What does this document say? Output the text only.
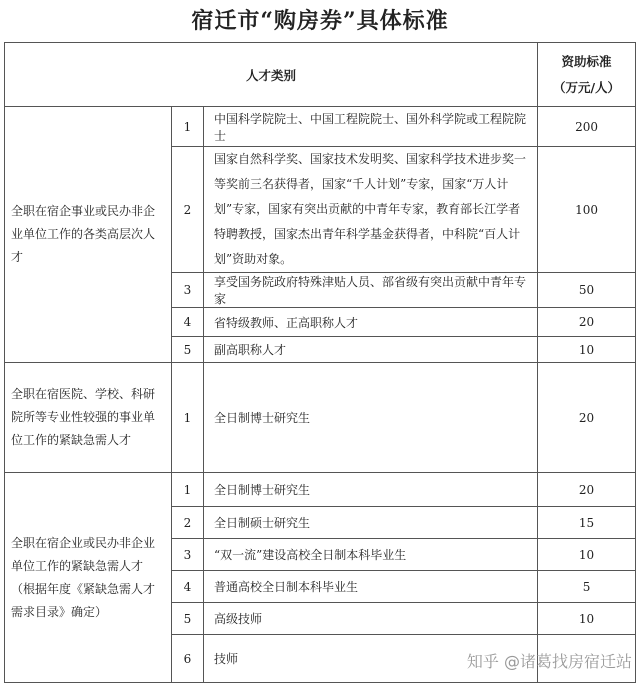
宿迁市“购房券”具体标准
人才类别			资助标准
（万元/人）

全职在宿企事业或民办非企业单位工作的各类高层次人才	1	中国科学院院士、中国工程院院士、国外科学院或工程院院士	200
	2	国家自然科学奖、国家技术发明奖、国家科学技术进步奖一等奖前三名获得者，国家“千人计划”专家，国家“万人计划”专家，国家有突出贡献的中青年专家，教育部长江学者特聘教授，国家杰出青年科学基金获得者，中科院“百人计划”资助对象。	100
	3	享受国务院政府特殊津贴人员、部省级有突出贡献中青年专家	50
	4	省特级教师、正高职称人才	20
	5	副高职称人才	10
全职在宿医院、学校、科研院所等专业性较强的事业单位工作的紧缺急需人才	1	全日制博士研究生	20
全职在宿企业或民办非企业单位工作的紧缺急需人才（根据年度《紧缺急需人才需求目录》确定）	1	全日制博士研究生	20
	2	全日制硕士研究生	15
	3	“双一流”建设高校全日制本科毕业生	10
	4	普通高校全日制本科毕业生	5
	5	高级技师	10
	6	技师		知乎 @诸葛找房宿迁站
